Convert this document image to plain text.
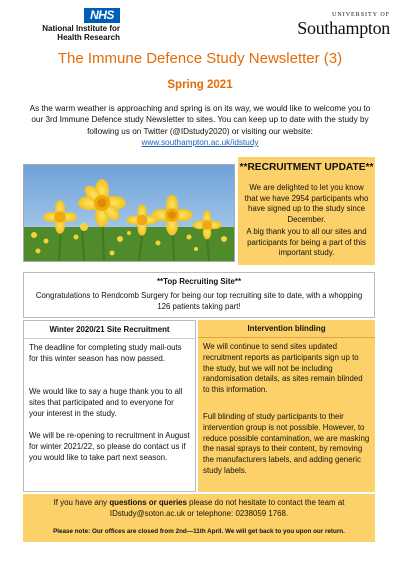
NHS
National Institute for
Health Research
UNIVERSITY OF
Southampton
The Immune Defence Study Newsletter (3)
Spring 2021

As the warm weather is approaching and spring is on its way, we would like to welcome you to our 3rd Immune Defence study Newsletter to sites. You can keep up to date with the study by following us on Twitter (@IDstudy2020) or visiting our website:
www.southampton.ac.uk/idstudy

**RECRUITMENT UPDATE**

We are delighted to let you know that we have 2954 participants who have signed up to the study since December.

A big thank you to all our sites and participants for being a part of this important study.

**Top Recruiting Site**

Congratulations to Rendcomb Surgery for being our top recruiting site to date, with a whopping 126 patients taking part!

Winter 2020/21 Site Recruitment

The deadline for completing study mail-outs for this winter season has now passed.

We would like to say a huge thank you to all sites that participated and to everyone for your interest in the study.

We will be re-opening to recruitment in August for winter 2021/22, so please do contact us if you would like to take part next season.

Intervention blinding

We will continue to send sites updated recruitment reports as participants sign up to the study, but we will not be including randomisation details, as sites remain blinded to this information.

Full blinding of study participants to their intervention group is not possible. However, to reduce possible contamination, we are masking the nasal sprays to their content, by removing the manufacturers labels, and adding generic study labels.

If you have any questions or queries please do not hesitate to contact the team at IDstudy@soton.ac.uk or telephone: 0238059 1768.

Please note: Our offices are closed from 2nd—11th April. We will get back to you upon our return.
